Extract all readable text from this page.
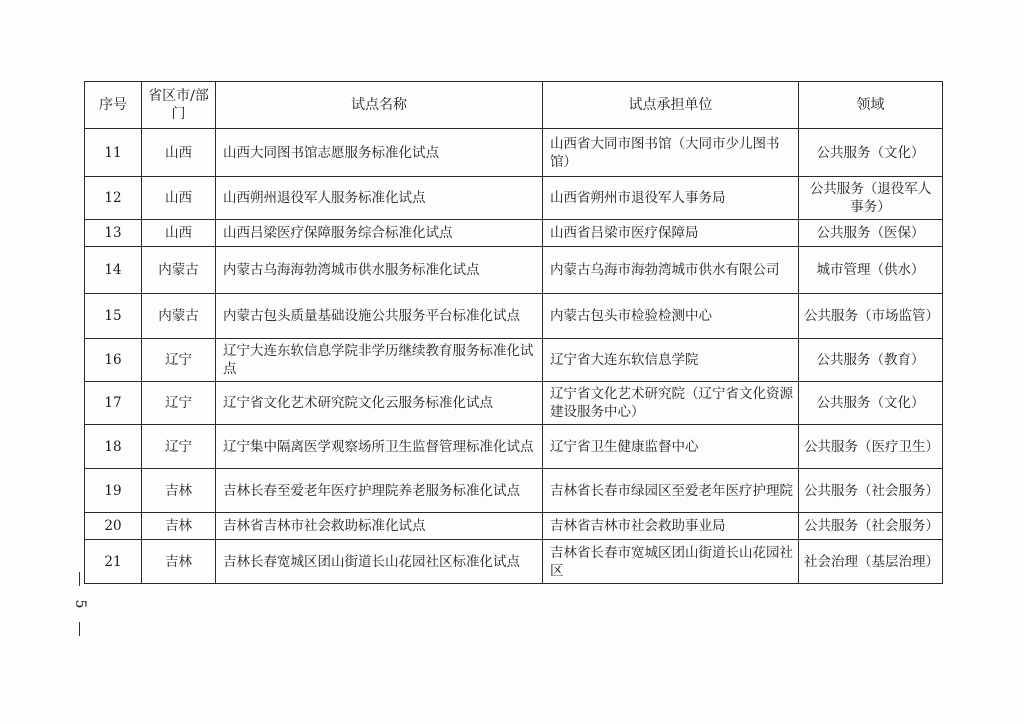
序号	省区市/部门	试点名称	试点承担单位	领域
11	山西	山西大同图书馆志愿服务标准化试点	山西省大同市图书馆（大同市少儿图书馆）	公共服务（文化）
12	山西	山西朔州退役军人服务标准化试点	山西省朔州市退役军人事务局	公共服务（退役军人事务）
13	山西	山西吕梁医疗保障服务综合标准化试点	山西省吕梁市医疗保障局	公共服务（医保）
14	内蒙古	内蒙古乌海海勃湾城市供水服务标准化试点	内蒙古乌海市海勃湾城市供水有限公司	城市管理（供水）
15	内蒙古	内蒙古包头质量基础设施公共服务平台标准化试点	内蒙古包头市检验检测中心	公共服务（市场监管）
16	辽宁	辽宁大连东软信息学院非学历继续教育服务标准化试点	辽宁省大连东软信息学院	公共服务（教育）
17	辽宁	辽宁省文化艺术研究院文化云服务标准化试点	辽宁省文化艺术研究院（辽宁省文化资源建设服务中心）	公共服务（文化）
18	辽宁	辽宁集中隔离医学观察场所卫生监督管理标准化试点	辽宁省卫生健康监督中心	公共服务（医疗卫生）
19	吉林	吉林长春至爱老年医疗护理院养老服务标准化试点	吉林省长春市绿园区至爱老年医疗护理院	公共服务（社会服务）
20	吉林	吉林省吉林市社会救助标准化试点	吉林省吉林市社会救助事业局	公共服务（社会服务）
21	吉林	吉林长春宽城区团山街道长山花园社区标准化试点	吉林省长春市宽城区团山街道长山花园社区	社会治理（基层治理）
5
